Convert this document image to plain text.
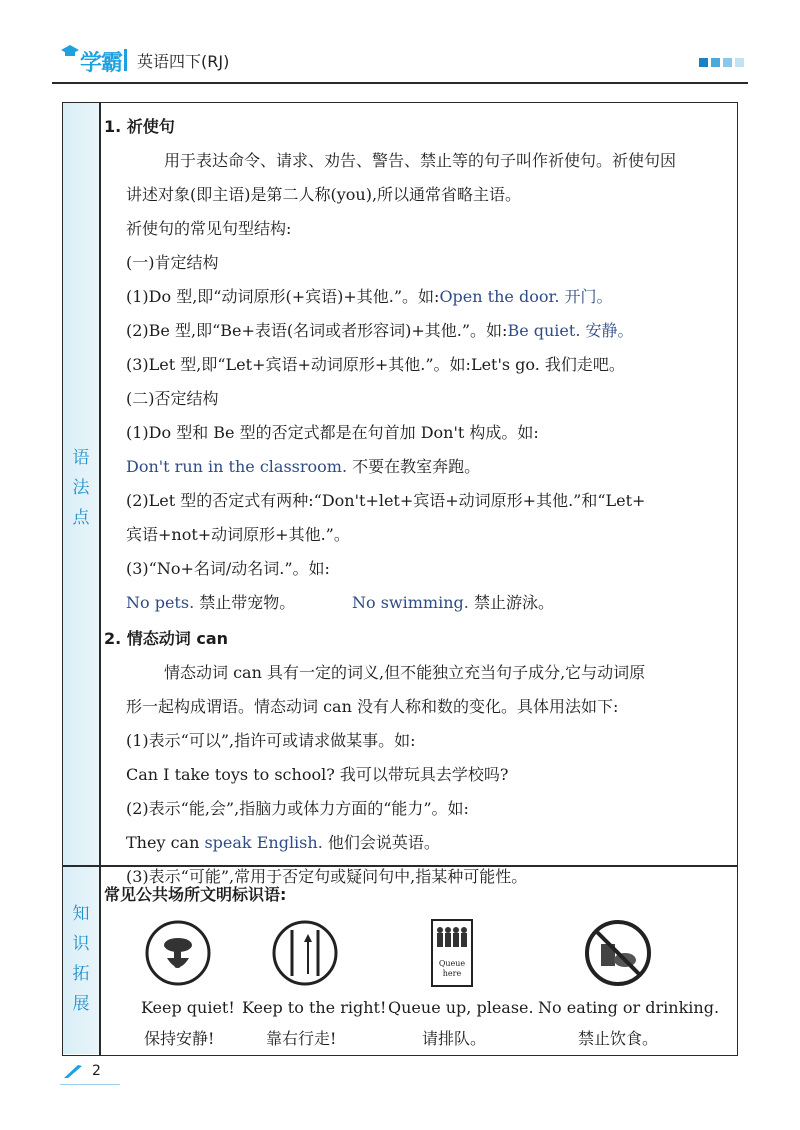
学霸 英语四下(RJ)
语
法
点
知
识
拓
展
1. 祈使句
用于表达命令、请求、劝告、警告、禁止等的句子叫作祈使句。祈使句因
讲述对象(即主语)是第二人称(you),所以通常省略主语。
祈使句的常见句型结构:
(一)肯定结构
(1)Do 型,即“动词原形(+宾语)+其他.”。如:Open the door. 开门。
(2)Be 型,即“Be+表语(名词或者形容词)+其他.”。如:Be quiet. 安静。
(3)Let 型,即“Let+宾语+动词原形+其他.”。如:Let's go. 我们走吧。
(二)否定结构
(1)Do 型和 Be 型的否定式都是在句首加 Don't 构成。如:
Don't run in the classroom. 不要在教室奔跑。
(2)Let 型的否定式有两种:“Don't+let+宾语+动词原形+其他.”和“Let+
宾语+not+动词原形+其他.”。
(3)“No+名词/动名词.”。如:
No pets. 禁止带宠物。	No swimming. 禁止游泳。
2. 情态动词 can
情态动词 can 具有一定的词义,但不能独立充当句子成分,它与动词原
形一起构成谓语。情态动词 can 没有人称和数的变化。具体用法如下:
(1)表示“可以”,指许可或请求做某事。如:
Can I take toys to school? 我可以带玩具去学校吗?
(2)表示“能,会”,指脑力或体力方面的“能力”。如:
They can speak English. 他们会说英语。
(3)表示“可能”,常用于否定句或疑问句中,指某种可能性。
常见公共场所文明标识语:
Queue
here
Keep quiet!
保持安静!
Keep to the right!
靠右行走!
Queue up, please.
请排队。
No eating or drinking.
禁止饮食。
2
